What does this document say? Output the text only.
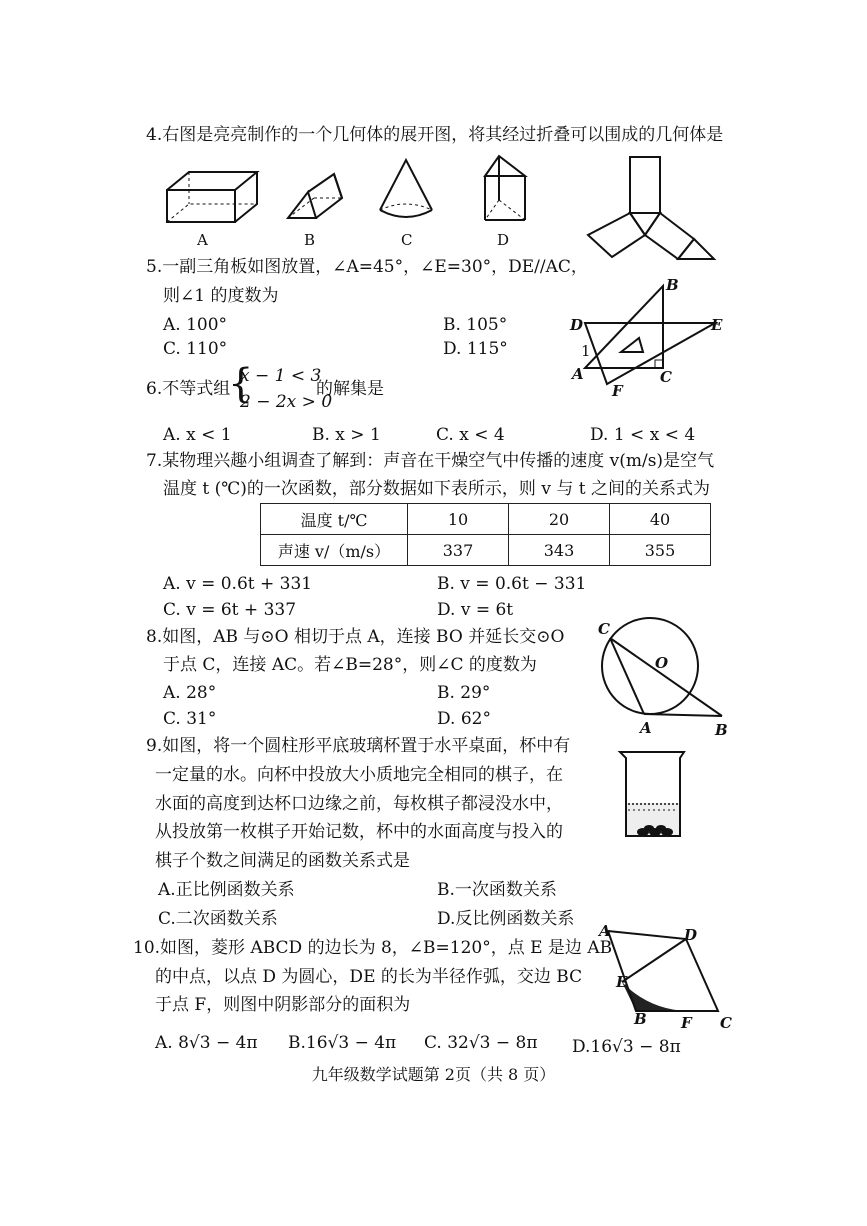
4.右图是亮亮制作的一个几何体的展开图，将其经过折叠可以围成的几何体是
A	B	C	D
5.一副三角板如图放置，∠A=45°，∠E=30°，DE//AC，
则∠1 的度数为
A. 100°	B. 105°
C. 110°	D. 115°
B
D	E
1
A
F
C
6.不等式组
{
x − 1 < 3
2 − 2x > 0
的解集是
A. x < 1	B. x > 1	C. x < 4	D. 1 < x < 4
7.某物理兴趣小组调查了解到：声音在干燥空气中传播的速度 v(m/s)是空气
温度 t (℃)的一次函数，部分数据如下表所示，则 v 与 t 之间的关系式为
温度 t/℃	10	20	40
声速 v/（m/s）	337	343	355
A. v = 0.6t + 331	B. v = 0.6t − 331
C. v = 6t + 337	D. v = 6t
8.如图，AB 与⊙O 相切于点 A，连接 BO 并延长交⊙O
于点 C，连接 AC。若∠B=28°，则∠C 的度数为
A. 28°	B. 29°
C. 31°	D. 62°
C
O
A	B
9.如图，将一个圆柱形平底玻璃杯置于水平桌面，杯中有
一定量的水。向杯中投放大小质地完全相同的棋子，在
水面的高度到达杯口边缘之前，每枚棋子都浸没水中，
从投放第一枚棋子开始记数，杯中的水面高度与投入的
棋子个数之间满足的函数关系式是
A.正比例函数关系	B.一次函数关系
C.二次函数关系	D.反比例函数关系
10.如图，菱形 ABCD 的边长为 8，∠B=120°，点 E 是边 AB
的中点，以点 D 为圆心，DE 的长为半径作弧，交边 BC
于点 F，则图中阴影部分的面积为
A. 8√3 − 4π B.16√3 − 4π C. 32√3 − 8π D.16√3 − 8π
A	D
E
B F C
九年级数学试题第 2页（共 8 页）
